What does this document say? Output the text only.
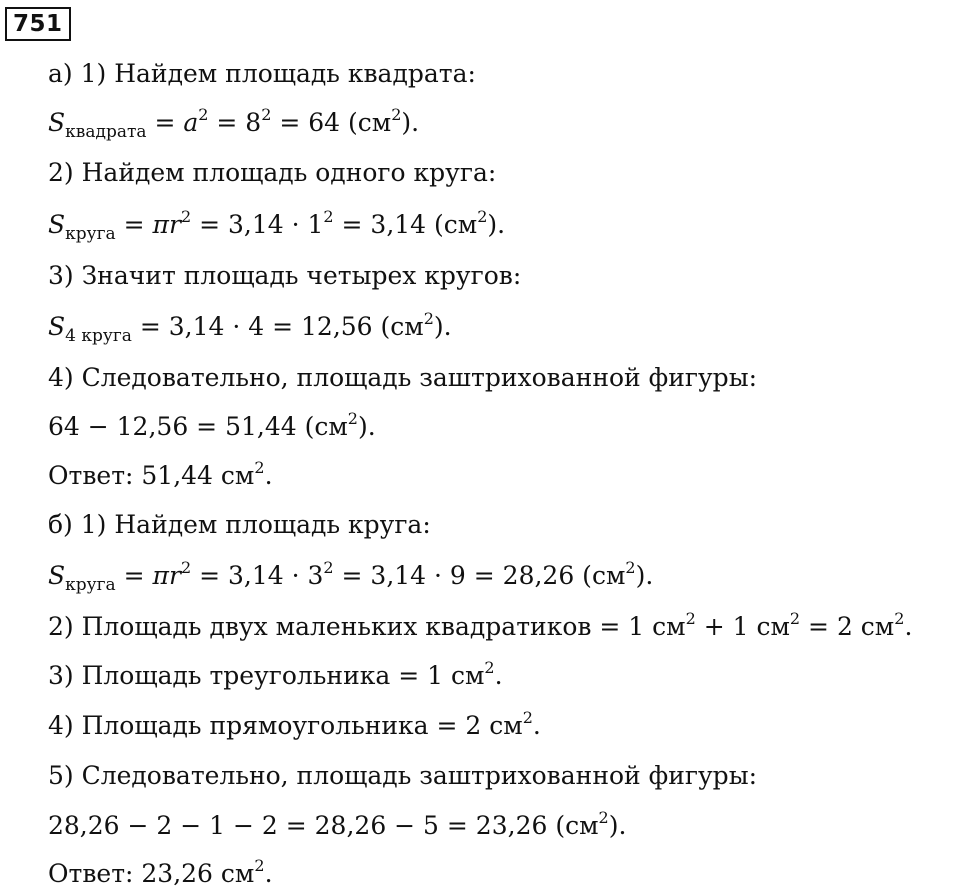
751
а) 1) Найдем площадь квадрата:
$S_{квадрата} = a^2 = 8^2 = 64$ $(см^2)$.
2) Найдем площадь одного круга:
$S_{круга} = \pi r^2 = 3,14 \cdot 1^2 = 3,14$ $(см^2)$.
3) Значит площадь четырех кругов:
$S_{4 круга} = 3,14 \cdot 4 = 12,56$ $(см^2)$.
4) Следовательно, площадь заштрихованной фигуры:
64 − 12,56 = 51,44 $(см^2)$.
Ответ: 51,44 $см^2$.
б) 1) Найдем площадь круга:
$S_{круга} = \pi r^2 = 3,14 \cdot 3^2 = 3,14 \cdot 9 = 28,26$ $(см^2)$.
2) Площадь двух маленьких квадратиков = 1 $см^2 + 1$ $см^2 = 2$ $см^2$.
3) Площадь треугольника = 1 $см^2$.
4) Площадь прямоугольника = 2 $см^2$.
5) Следовательно, площадь заштрихованной фигуры:
28,26 − 2 − 1 − 2 = 28,26 − 5 = 23,26 $(см^2)$.
Ответ: 23,26 $см^2$.
